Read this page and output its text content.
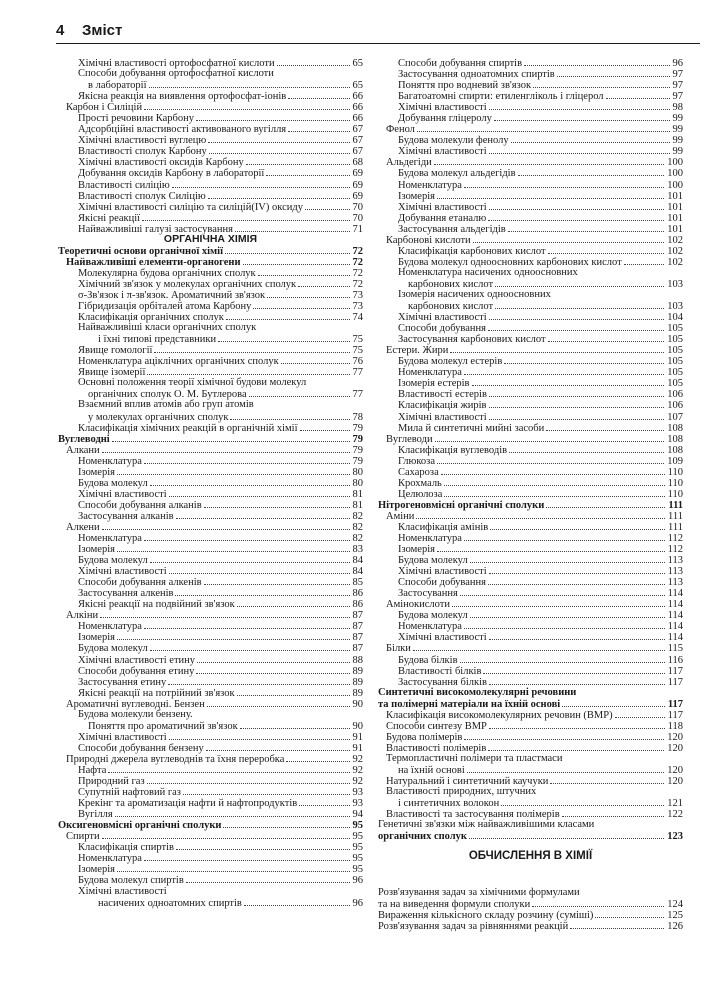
4 Зміст
Хімічні властивості ортофосфатної кислоти	65
Способи добування ортофосфатної кислоти
в лабораторії	65
Якісна реакція на виявлення ортофосфат-іонів	66
Карбон і Силіцій	66
Прості речовини Карбону	66
Адсорбційні властивості активованого вугілля	67
Хімічні властивості вуглецю	67
Властивості сполук Карбону	67
Хімічні властивості оксидів Карбону	68
Добування оксидів Карбону в лабораторії	69
Властивості силіцію	69
Властивості сполук Силіцію	69
Хімічні властивості силіцію та силіцій(IV) оксиду	70
Якісні реакції	70
Найважливіші галузі застосування	71
ОРГАНІЧНА ХІМІЯ
Теоретичні основи органічної хімії	72
Найважливіші елементи-органогени	72
Молекулярна будова органічних сполук	72
Хімічний зв'язок у молекулах органічних сполук	72
σ-Зв'язок і π-зв'язок. Ароматичний зв'язок	73
Гібридизація орбіталей атома Карбону	73
Класифікація органічних сполук	74
Найважливіші класи органічних сполук
і їхні типові представники	75
Явище гомології	75
Номенклатура аціклічних органічних сполук	76
Явище ізомерії	77
Основні положення теорії хімічної будови молекул
органічних сполук О. М. Бутлерова	77
Взаємний вплив атомів або груп атомів
у молекулах органічних сполук	78
Класифікація хімічних реакцій в органічній хімії	79
Вуглеводні	79
Алкани	79
Номенклатура	79
Ізомерія	80
Будова молекул	80
Хімічні властивості	81
Способи добування алканів	81
Застосування алканів	82
Алкени	82
Номенклатура	82
Ізомерія	83
Будова молекул	84
Хімічні властивості	84
Способи добування алкенів	85
Застосування алкенів	86
Якісні реакції на подвійний зв'язок	86
Алкіни	87
Номенклатура	87
Ізомерія	87
Будова молекул	87
Хімічні властивості етину	88
Способи добування етину	89
Застосування етину	89
Якісні реакції на потрійний зв'язок	89
Ароматичні вуглеводні. Бензен	90
Будова молекули бензену.
Поняття про ароматичний зв'язок	90
Хімічні властивості	91
Способи добування бензену	91
Природні джерела вуглеводнів та їхня переробка	92
Нафта	92
Природний газ	92
Супутній нафтовий газ	93
Крекінг та ароматизація нафти й нафтопродуктів	93
Вугілля	94
Оксигеновмісні органічні сполуки	95
Спирти	95
Класифікація спиртів	95
Номенклатура	95
Ізомерія	95
Будова молекул спиртів	96
Хімічні властивості
насичених одноатомних спиртів	96
Способи добування спиртів	96
Застосування одноатомних спиртів	97
Поняття про водневий зв'язок	97
Багатоатомні спирти: етиленгліколь і гліцерол	97
Хімічні властивості	98
Добування гліцеролу	99
Фенол	99
Будова молекули фенолу	99
Хімічні властивості	99
Альдегіди	100
Будова молекул альдегідів	100
Номенклатура	100
Ізомерія	101
Хімічні властивості	101
Добування етаналю	101
Застосування альдегідів	101
Карбонові кислоти	102
Класифікація карбонових кислот	102
Будова молекул одноосновних карбонових кислот	102
Номенклатура насичених одноосновних
карбонових кислот	103
Ізомерія насичених одноосновних
карбонових кислот	103
Хімічні властивості	104
Способи добування	105
Застосування карбонових кислот	105
Естери. Жири	105
Будова молекул естерів	105
Номенклатура	105
Ізомерія естерів	105
Властивості естерів	106
Класифікація жирів	106
Хімічні властивості	107
Мила й синтетичні мийні засоби	108
Вуглеводи	108
Класифікація вуглеводів	108
Глюкоза	109
Сахароза	110
Крохмаль	110
Целюлоза	110
Нітрогеновмісні органічні сполуки	111
Аміни	111
Класифікація амінів	111
Номенклатура	112
Ізомерія	112
Будова молекул	113
Хімічні властивості	113
Способи добування	113
Застосування	114
Амінокислоти	114
Будова молекул	114
Номенклатура	114
Хімічні властивості	114
Білки	115
Будова білків	116
Властивості білків	117
Застосування білків	117
Синтетичні високомолекулярні речовини
та полімерні матеріали на їхній основі	117
Класифікація високомолекулярних речовин (ВМР)	117
Способи синтезу ВМР	118
Будова полімерів	120
Властивості полімерів	120
Термопластичні полімери та пластмаси
на їхній основі	120
Натуральний і синтетичний каучуки	120
Властивості природних, штучних
і синтетичних волокон	121
Властивості та застосування полімерів	122
Генетичні зв'язки між найважливішими класами
органічних сполук	123
ОБЧИСЛЕННЯ В ХІМІЇ
Розв'язування задач за хімічними формулами
та на виведення формули сполуки	124
Вираження кількісного складу розчину (суміші)	125
Розв'язування задач за рівняннями реакцій	126
